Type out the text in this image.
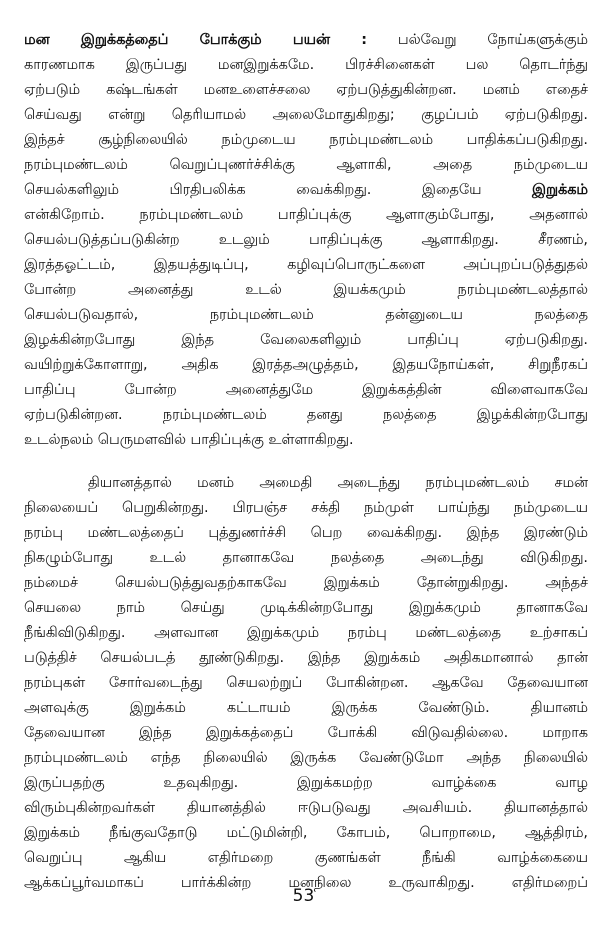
மன இறுக்கத்தைப் போக்கும் பயன் : பல்வேறு நோய்களுக்கும்
காரணமாக இருப்பது மனஇறுக்கமே. பிரச்சினைகள் பல தொடர்ந்து
ஏற்படும் கஷ்டங்கள் மனஉளைச்சலை ஏற்படுத்துகின்றன. மனம் எதைச்
செய்வது என்று தெரியாமல் அலைமோதுகிறது; குழப்பம் ஏற்படுகிறது.
இந்தச் சூழ்நிலையில் நம்முடைய நரம்புமண்டலம் பாதிக்கப்படுகிறது.
நரம்புமண்டலம் வெறுப்புணர்ச்சிக்கு ஆளாகி, அதை நம்முடைய
செயல்களிலும் பிரதிபலிக்க வைக்கிறது. இதையே	இறுக்கம்
என்கிறோம். நரம்புமண்டலம் பாதிப்புக்கு ஆளாகும்போது, அதனால்
செயல்படுத்தப்படுகின்ற உடலும் பாதிப்புக்கு ஆளாகிறது. சீரணம்,
இரத்தஓட்டம், இதயத்துடிப்பு, கழிவுப்பொருட்களை அப்புறப்படுத்துதல்
போன்ற அனைத்து உடல் இயக்கமும் நரம்புமண்டலத்தால்
செயல்படுவதால், நரம்புமண்டலம் தன்னுடைய நலத்தை
இழக்கின்றபோது இந்த வேலைகளிலும் பாதிப்பு ஏற்படுகிறது.
வயிற்றுக்கோளாறு, அதிக இரத்தஅழுத்தம், இதயநோய்கள், சிறுநீரகப்
பாதிப்பு போன்ற அனைத்துமே இறுக்கத்தின் விளைவாகவே
ஏற்படுகின்றன. நரம்புமண்டலம் தனது நலத்தை இழக்கின்றபோது
உடல்நலம் பெருமளவில் பாதிப்புக்கு உள்ளாகிறது.
தியானத்தால் மனம் அமைதி அடைந்து நரம்புமண்டலம் சமன்
நிலையைப் பெறுகின்றது. பிரபஞ்ச சக்தி நம்முள் பாய்ந்து நம்முடைய
நரம்பு மண்டலத்தைப் புத்துணர்ச்சி பெற வைக்கிறது. இந்த இரண்டும்
நிகழும்போது உடல் தானாகவே நலத்தை அடைந்து விடுகிறது.
நம்மைச் செயல்படுத்துவதற்காகவே இறுக்கம் தோன்றுகிறது. அந்தச்
செயலை நாம் செய்து முடிக்கின்றபோது இறுக்கமும் தானாகவே
நீங்கிவிடுகிறது. அளவான இறுக்கமும் நரம்பு மண்டலத்தை உற்சாகப்
படுத்திச் செயல்படத் தூண்டுகிறது. இந்த இறுக்கம் அதிகமானால் தான்
நரம்புகள் சோர்வடைந்து செயலற்றுப் போகின்றன. ஆகவே தேவையான
அளவுக்கு இறுக்கம் கட்டாயம் இருக்க வேண்டும். தியானம்
தேவையான இந்த இறுக்கத்தைப் போக்கி விடுவதில்லை. மாறாக
நரம்புமண்டலம் எந்த நிலையில் இருக்க வேண்டுமோ அந்த நிலையில்
இருப்பதற்கு உதவுகிறது. இறுக்கமற்ற வாழ்க்கை வாழ
விரும்புகின்றவர்கள் தியானத்தில் ஈடுபடுவது அவசியம். தியானத்தால்
இறுக்கம் நீங்குவதோடு மட்டுமின்றி, கோபம், பொறாமை, ஆத்திரம்,
வெறுப்பு ஆகிய எதிர்மறை குணங்கள் நீங்கி வாழ்க்கையை
ஆக்கப்பூர்வமாகப் பார்க்கின்ற மனநிலை உருவாகிறது. எதிர்மறைப்
53
